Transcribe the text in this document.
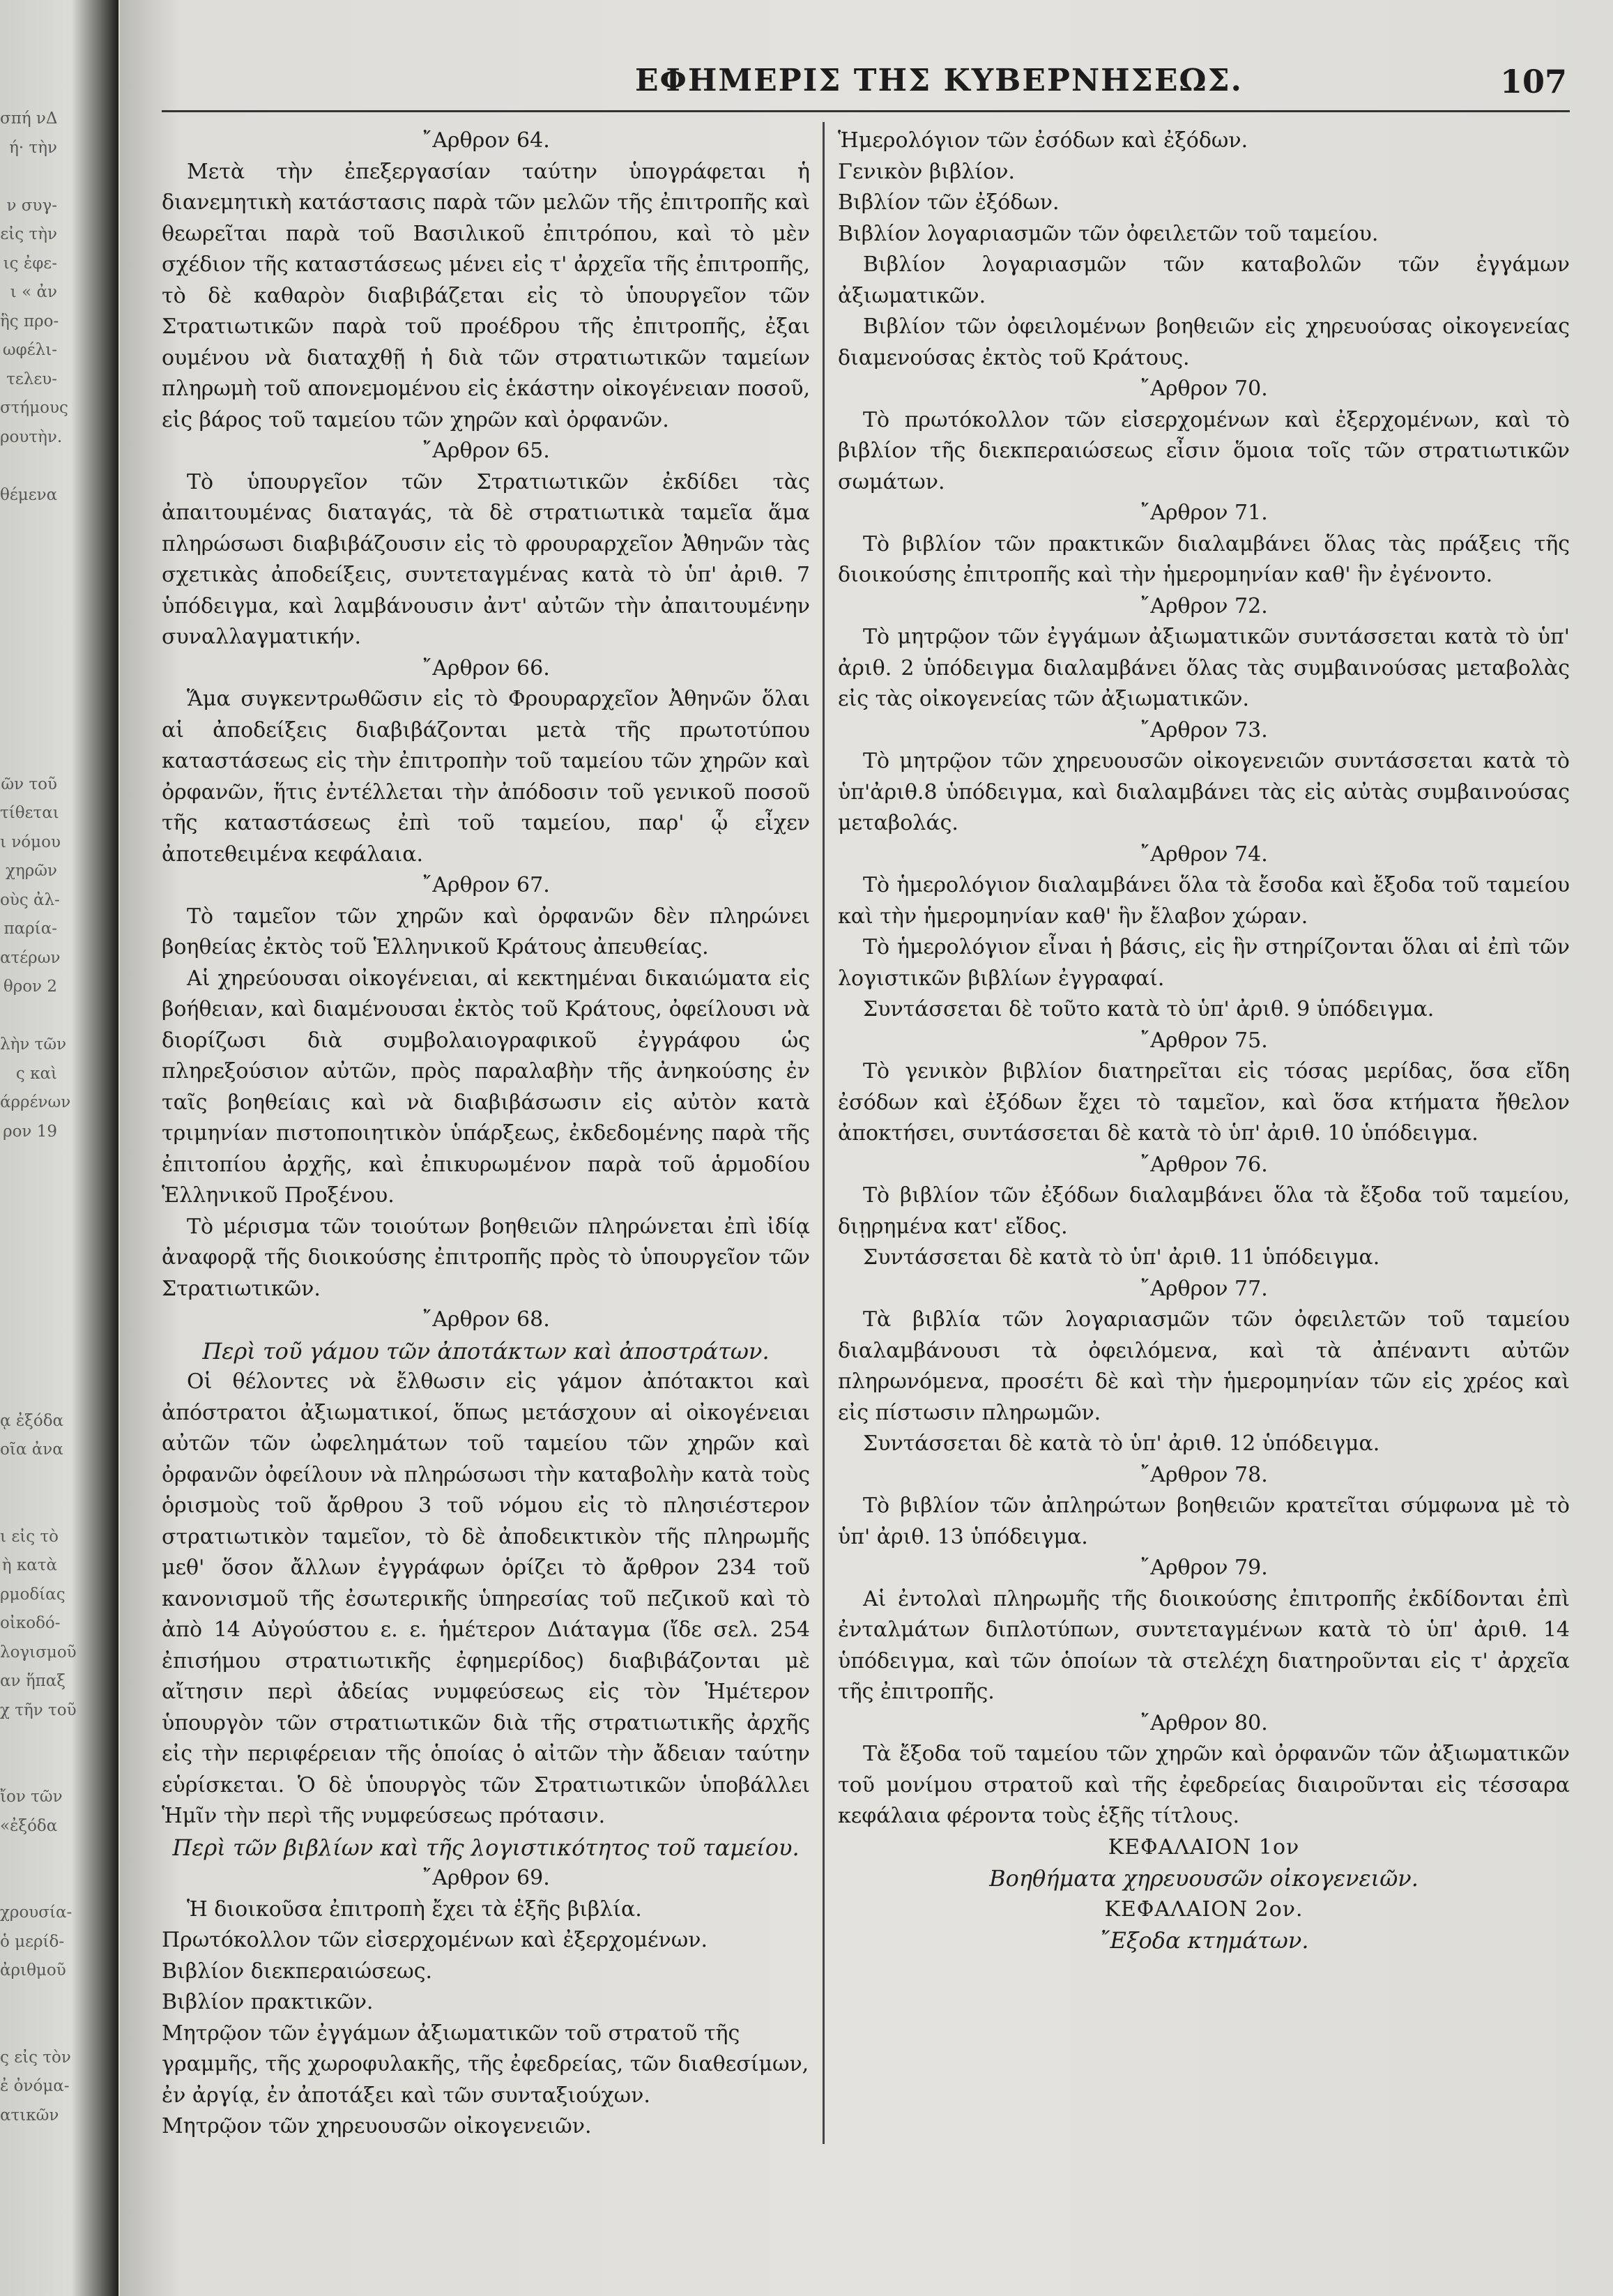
σπή νΔ
ή· τὴν

ν συγ-
εἰς τὴν
ις ἐφε-
ι « ἀν
ἣς προ-
ωφέλι-
τελευ-
στήμους
ρουτὴν.

θέμενα

ῶν τοῦ
τίθεται
ι νόμου
χηρῶν
οὺς ἀλ-
παρία-
ατέρων
θρον 2

λὴν τῶν
ς καὶ
άρρένων
ρον 19

ᾳ ἐξόδα
οῖα ἀνα

ι εἰς τὸ
ὴ κατὰ
ρμοδίας
οἰκοδό-
λογισμοῦ
αν ἥπαξ
χ τῆν τοῦ

ἴον τῶν
«ἐξόδα

χρουσία-
ὁ μερίδ-
ἀριθμοῦ

ς εἰς τὸν
ἐ ὀνόμα-
ατικῶν
ΕΦΗΜΕΡΙΣ ΤΗΣ ΚΥΒΕΡΝΗΣΕΩΣ.	107

῎Αρθρον 64.

Μετὰ τὴν ἐπεξεργασίαν ταύτην ὑπογράφεται ἡ διανεμητικὴ κατάστασις παρὰ τῶν μελῶν τῆς ἐπιτροπῆς καὶ θεωρεῖται παρὰ τοῦ Βασιλικοῦ ἐπιτρόπου, καὶ τὸ μὲν σχέδιον τῆς καταστάσεως μένει εἰς τ' ἀρχεῖα τῆς ἐπιτροπῆς, τὸ δὲ καθαρὸν διαβιβάζεται εἰς τὸ ὑπουργεῖον τῶν Στρατιωτικῶν παρὰ τοῦ προέδρου τῆς ἐπιτροπῆς, ἐξαι ουμένου νὰ διαταχθῇ ἡ διὰ τῶν στρατιωτικῶν ταμείων πληρωμὴ τοῦ απονεμομένου εἰς ἑκάστην οἰκογένειαν ποσοῦ, εἰς βάρος τοῦ ταμείου τῶν χηρῶν καὶ ὀρφανῶν.

῎Αρθρον 65.

Τὸ ὑπουργεῖον τῶν Στρατιωτικῶν ἐκδίδει τὰς ἀπαιτουμένας διαταγάς, τὰ δὲ στρατιωτικὰ ταμεῖα ἅμα πληρώσωσι διαβιβάζουσιν εἰς τὸ φρουραρχεῖον Ἀθηνῶν τὰς σχετικὰς ἀποδείξεις, συντεταγμένας κατὰ τὸ ὑπ' ἀριθ. 7 ὑπόδειγμα, καὶ λαμβάνουσιν ἀντ' αὐτῶν τὴν ἀπαιτουμένην συναλλαγματικήν.

῎Αρθρον 66.

Ἅμα συγκεντρωθῶσιν εἰς τὸ Φρουραρχεῖον Ἀθηνῶν ὅλαι αἱ ἀποδείξεις διαβιβάζονται μετὰ τῆς πρωτοτύπου καταστάσεως εἰς τὴν ἐπιτροπὴν τοῦ ταμείου τῶν χηρῶν καὶ ὀρφανῶν, ἥτις ἐντέλλεται τὴν ἀπόδοσιν τοῦ γενικοῦ ποσοῦ τῆς καταστάσεως ἐπὶ τοῦ ταμείου, παρ' ᾧ εἶχεν ἀποτεθειμένα κεφάλαια.

῎Αρθρον 67.

Τὸ ταμεῖον τῶν χηρῶν καὶ ὀρφανῶν δὲν πληρώνει βοηθείας ἐκτὸς τοῦ Ἑλληνικοῦ Κράτους ἀπευθείας.

Αἱ χηρεύουσαι οἰκογένειαι, αἱ κεκτημέναι δικαιώματα εἰς βοήθειαν, καὶ διαμένουσαι ἐκτὸς τοῦ Κράτους, ὀφείλουσι νὰ διορίζωσι διὰ συμβολαιογραφικοῦ ἐγγράφου ὡς πληρεξούσιον αὐτῶν, πρὸς παραλαβὴν τῆς ἀνηκούσης ἐν ταῖς βοηθείαις καὶ νὰ διαβιβάσωσιν εἰς αὐτὸν κατὰ τριμηνίαν πιστοποιητικὸν ὑπάρξεως, ἐκδεδομένης παρὰ τῆς ἐπιτοπίου ἀρχῆς, καὶ ἐπικυρωμένον παρὰ τοῦ ἁρμοδίου Ἑλληνικοῦ Προξένου.

Τὸ μέρισμα τῶν τοιούτων βοηθειῶν πληρώνεται ἐπὶ ἰδίᾳ ἀναφορᾷ τῆς διοικούσης ἐπιτροπῆς πρὸς τὸ ὑπουργεῖον τῶν Στρατιωτικῶν.

῎Αρθρον 68.

Περὶ τοῦ γάμου τῶν ἀποτάκτων καὶ ἀποστράτων.

Οἱ θέλοντες νὰ ἔλθωσιν εἰς γάμον ἀπότακτοι καὶ ἀπόστρατοι ἀξιωματικοί, ὅπως μετάσχουν αἱ οἰκογένειαι αὐτῶν τῶν ὠφελημάτων τοῦ ταμείου τῶν χηρῶν καὶ ὀρφανῶν ὀφείλουν νὰ πληρώσωσι τὴν καταβολὴν κατὰ τοὺς ὁρισμοὺς τοῦ ἄρθρου 3 τοῦ νόμου εἰς τὸ πλησιέστερον στρατιωτικὸν ταμεῖον, τὸ δὲ ἀποδεικτικὸν τῆς πληρωμῆς μεθ' ὅσον ἄλλων ἐγγράφων ὁρίζει τὸ ἄρθρον 234 τοῦ κανονισμοῦ τῆς ἐσωτερικῆς ὑπηρεσίας τοῦ πεζικοῦ καὶ τὸ ἀπὸ 14 Αὐγούστου ε. ε. ἡμέτερον Διάταγμα (ἴδε σελ. 254 ἐπισήμου στρατιωτικῆς ἐφημερίδος) διαβιβάζονται μὲ αἴτησιν περὶ ἀδείας νυμφεύσεως εἰς τὸν Ἡμέτερον ὑπουργὸν τῶν στρατιωτικῶν διὰ τῆς στρατιωτικῆς ἀρχῆς εἰς τὴν περιφέρειαν τῆς ὁποίας ὁ αἰτῶν τὴν ἄδειαν ταύτην εὑρίσκεται. Ὁ δὲ ὑπουργὸς τῶν Στρατιωτικῶν ὑποβάλλει Ἡμῖν τὴν περὶ τῆς νυμφεύσεως πρότασιν.

Περὶ τῶν βιβλίων καὶ τῆς λογιστικότητος τοῦ ταμείου.

῎Αρθρον 69.

Ἡ διοικοῦσα ἐπιτροπὴ ἔχει τὰ ἑξῆς βιβλία.

Πρωτόκολλον τῶν εἰσερχομένων καὶ ἐξερχομένων.

Βιβλίον διεκπεραιώσεως.

Βιβλίον πρακτικῶν.

Μητρῷον τῶν ἐγγάμων ἀξιωματικῶν τοῦ στρατοῦ τῆς γραμμῆς, τῆς χωροφυλακῆς, τῆς ἐφεδρείας, τῶν διαθεσίμων, ἐν ἀργίᾳ, ἐν ἀποτάξει καὶ τῶν συνταξιούχων.

Μητρῷον τῶν χηρευουσῶν οἰκογενειῶν.

Ἡμερολόγιον τῶν ἐσόδων καὶ ἐξόδων.

Γενικὸν βιβλίον.

Βιβλίον τῶν ἐξόδων.

Βιβλίον λογαριασμῶν τῶν ὀφειλετῶν τοῦ ταμείου.

Βιβλίον λογαριασμῶν τῶν καταβολῶν τῶν ἐγγάμων ἀξιωματικῶν.

Βιβλίον τῶν ὀφειλομένων βοηθειῶν εἰς χηρευούσας οἰκογενείας διαμενούσας ἐκτὸς τοῦ Κράτους.

῎Αρθρον 70.

Τὸ πρωτόκολλον τῶν εἰσερχομένων καὶ ἐξερχομένων, καὶ τὸ βιβλίον τῆς διεκπεραιώσεως εἶσιν ὅμοια τοῖς τῶν στρατιωτικῶν σωμάτων.

῎Αρθρον 71.

Τὸ βιβλίον τῶν πρακτικῶν διαλαμβάνει ὅλας τὰς πράξεις τῆς διοικούσης ἐπιτροπῆς καὶ τὴν ἡμερομηνίαν καθ' ἣν ἐγένοντο.

῎Αρθρον 72.

Τὸ μητρῷον τῶν ἐγγάμων ἀξιωματικῶν συντάσσεται κατὰ τὸ ὑπ' ἀριθ. 2 ὑπόδειγμα διαλαμβάνει ὅλας τὰς συμβαινούσας μεταβολὰς εἰς τὰς οἰκογενείας τῶν ἀξιωματικῶν.

῎Αρθρον 73.

Τὸ μητρῷον τῶν χηρευουσῶν οἰκογενειῶν συντάσσεται κατὰ τὸ ὑπ'ἀριθ.8 ὑπόδειγμα, καὶ διαλαμβάνει τὰς εἰς αὐτὰς συμβαινούσας μεταβολάς.

῎Αρθρον 74.

Τὸ ἡμερολόγιον διαλαμβάνει ὅλα τὰ ἔσοδα καὶ ἔξοδα τοῦ ταμείου καὶ τὴν ἡμερομηνίαν καθ' ἣν ἔλαβον χώραν.

Τὸ ἡμερολόγιον εἶναι ἡ βάσις, εἰς ἣν στηρίζονται ὅλαι αἱ ἐπὶ τῶν λογιστικῶν βιβλίων ἐγγραφαί.

Συντάσσεται δὲ τοῦτο κατὰ τὸ ὑπ' ἀριθ. 9 ὑπόδειγμα.

῎Αρθρον 75.

Τὸ γενικὸν βιβλίον διατηρεῖται εἰς τόσας μερίδας, ὅσα εἴδη ἐσόδων καὶ ἐξόδων ἔχει τὸ ταμεῖον, καὶ ὅσα κτήματα ἤθελον ἀποκτήσει, συντάσσεται δὲ κατὰ τὸ ὑπ' ἀριθ. 10 ὑπόδειγμα.

῎Αρθρον 76.

Τὸ βιβλίον τῶν ἐξόδων διαλαμβάνει ὅλα τὰ ἔξοδα τοῦ ταμείου, διῃρημένα κατ' εἴδος.

Συντάσσεται δὲ κατὰ τὸ ὑπ' ἀριθ. 11 ὑπόδειγμα.

῎Αρθρον 77.

Τὰ βιβλία τῶν λογαριασμῶν τῶν ὀφειλετῶν τοῦ ταμείου διαλαμβάνουσι τὰ ὀφειλόμενα, καὶ τὰ ἀπέναντι αὐτῶν πληρωνόμενα, προσέτι δὲ καὶ τὴν ἡμερομηνίαν τῶν εἰς χρέος καὶ εἰς πίστωσιν πληρωμῶν.

Συντάσσεται δὲ κατὰ τὸ ὑπ' ἀριθ. 12 ὑπόδειγμα.

῎Αρθρον 78.

Τὸ βιβλίον τῶν ἀπληρώτων βοηθειῶν κρατεῖται σύμφωνα μὲ τὸ ὑπ' ἀριθ. 13 ὑπόδειγμα.

῎Αρθρον 79.

Αἱ ἐντολαὶ πληρωμῆς τῆς διοικούσης ἐπιτροπῆς ἐκδίδονται ἐπὶ ἐνταλμάτων διπλοτύπων, συντεταγμένων κατὰ τὸ ὑπ' ἀριθ. 14 ὑπόδειγμα, καὶ τῶν ὁποίων τὰ στελέχη διατηροῦνται εἰς τ' ἀρχεῖα τῆς ἐπιτροπῆς.

῎Αρθρον 80.

Τὰ ἔξοδα τοῦ ταμείου τῶν χηρῶν καὶ ὀρφανῶν τῶν ἀξιωματικῶν τοῦ μονίμου στρατοῦ καὶ τῆς ἐφεδρείας διαιροῦνται εἰς τέσσαρα κεφάλαια φέροντα τοὺς ἑξῆς τίτλους.

ΚΕΦΑΛΑΙΟΝ 1ον

Βοηθήματα χηρευουσῶν οἰκογενειῶν.

ΚΕΦΑΛΑΙΟΝ 2ον.

῎Εξοδα κτημάτων.
